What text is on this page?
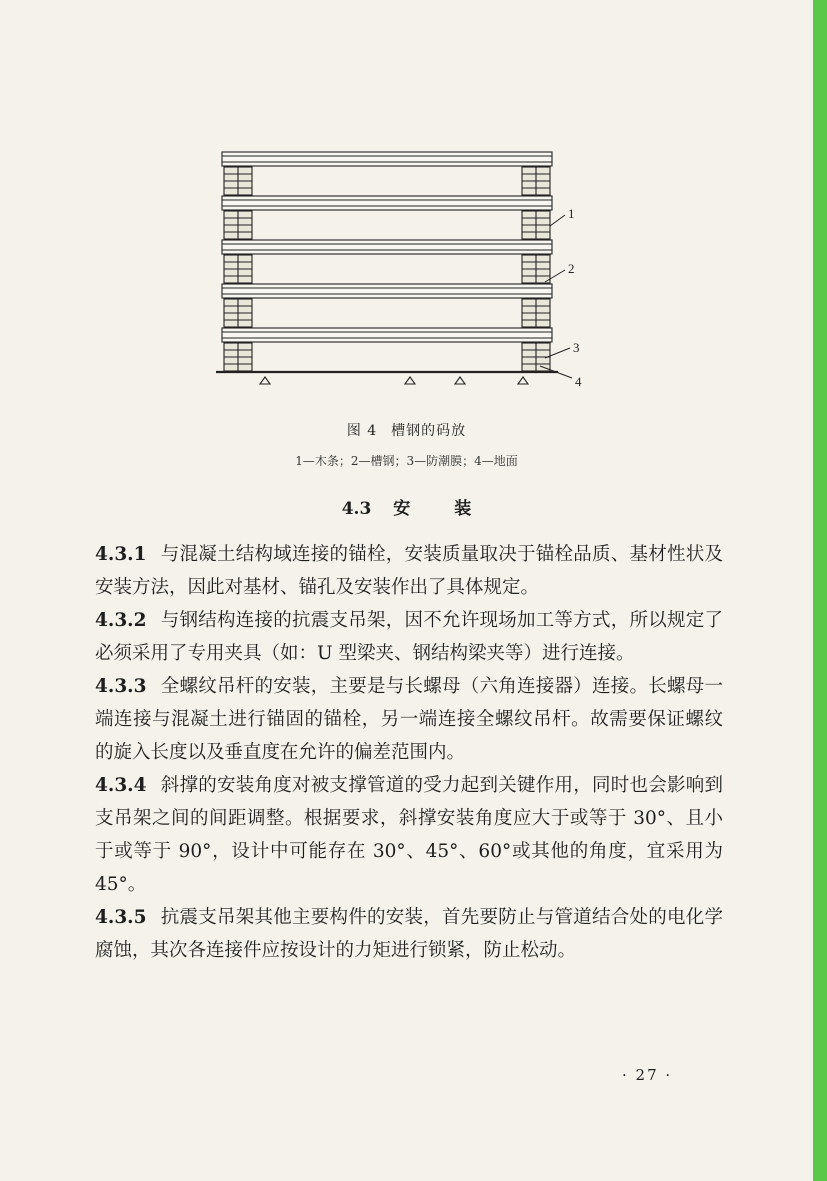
1
2
3
4
图 4 槽钢的码放
1—木条；2—槽钢；3—防潮膜；4—地面
4.3 安装

4.3.1 与混凝土结构域连接的锚栓，安装质量取决于锚栓品质、基材性状及安装方法，因此对基材、锚孔及安装作出了具体规定。

4.3.2 与钢结构连接的抗震支吊架，因不允许现场加工等方式，所以规定了必须采用了专用夹具（如：U 型梁夹、钢结构梁夹等）进行连接。

4.3.3 全螺纹吊杆的安装，主要是与长螺母（六角连接器）连接。长螺母一端连接与混凝土进行锚固的锚栓，另一端连接全螺纹吊杆。故需要保证螺纹的旋入长度以及垂直度在允许的偏差范围内。

4.3.4 斜撑的安装角度对被支撑管道的受力起到关键作用，同时也会影响到支吊架之间的间距调整。根据要求，斜撑安装角度应大于或等于 30°、且小于或等于 90°，设计中可能存在 30°、45°、60°或其他的角度，宜采用为 45°。

4.3.5 抗震支吊架其他主要构件的安装，首先要防止与管道结合处的电化学腐蚀，其次各连接件应按设计的力矩进行锁紧，防止松动。

· 27 ·
